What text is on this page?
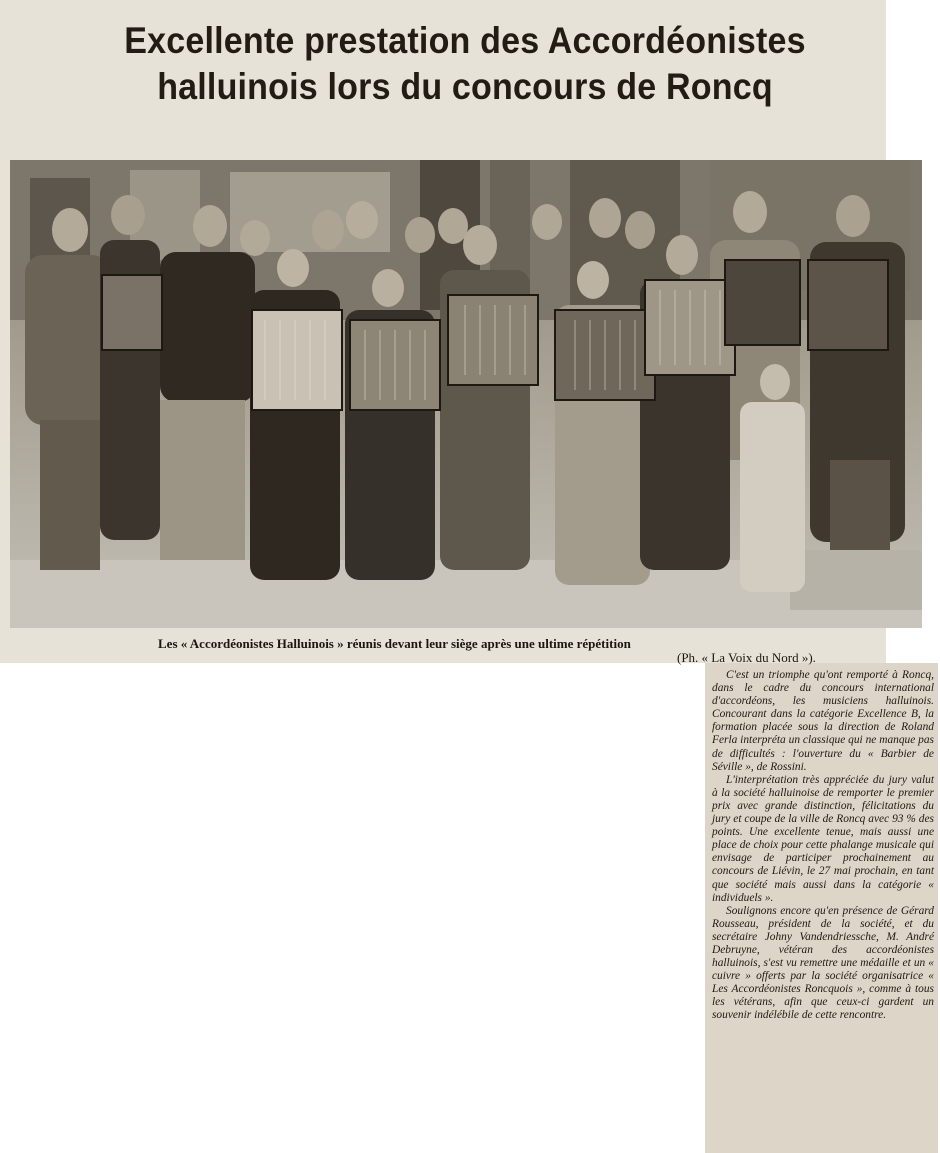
Excellente prestation des Accordéonistes halluinois lors du concours de Roncq
Les « Accordéonistes Halluinois » réunis devant leur siège après une ultime répétition
(Ph. « La Voix du Nord »).

C'est un triomphe qu'ont remporté à Roncq, dans le cadre du concours international d'accordéons, les musiciens halluinois. Concourant dans la catégorie Excellence B, la formation placée sous la direction de Roland Ferla interpréta un classique qui ne manque pas de difficultés : l'ouverture du « Barbier de Séville », de Rossini.

L'interprétation très appréciée du jury valut à la société halluinoise de remporter le premier prix avec grande distinction, félicitations du jury et coupe de la ville de Roncq avec 93 % des points. Une excellente tenue, mais aussi une place de choix pour cette phalange musicale qui envisage de participer prochainement au concours de Liévin, le 27 mai prochain, en tant que société mais aussi dans la catégorie « individuels ».

Soulignons encore qu'en présence de Gérard Rousseau, président de la société, et du secrétaire Johny Vandendriessche, M. André Debruyne, vétéran des accordéonistes halluinois, s'est vu remettre une médaille et un « cuivre » offerts par la société organisatrice « Les Accordéonistes Roncquois », comme à tous les vétérans, afin que ceux-ci gardent un souvenir indélébile de cette rencontre.
